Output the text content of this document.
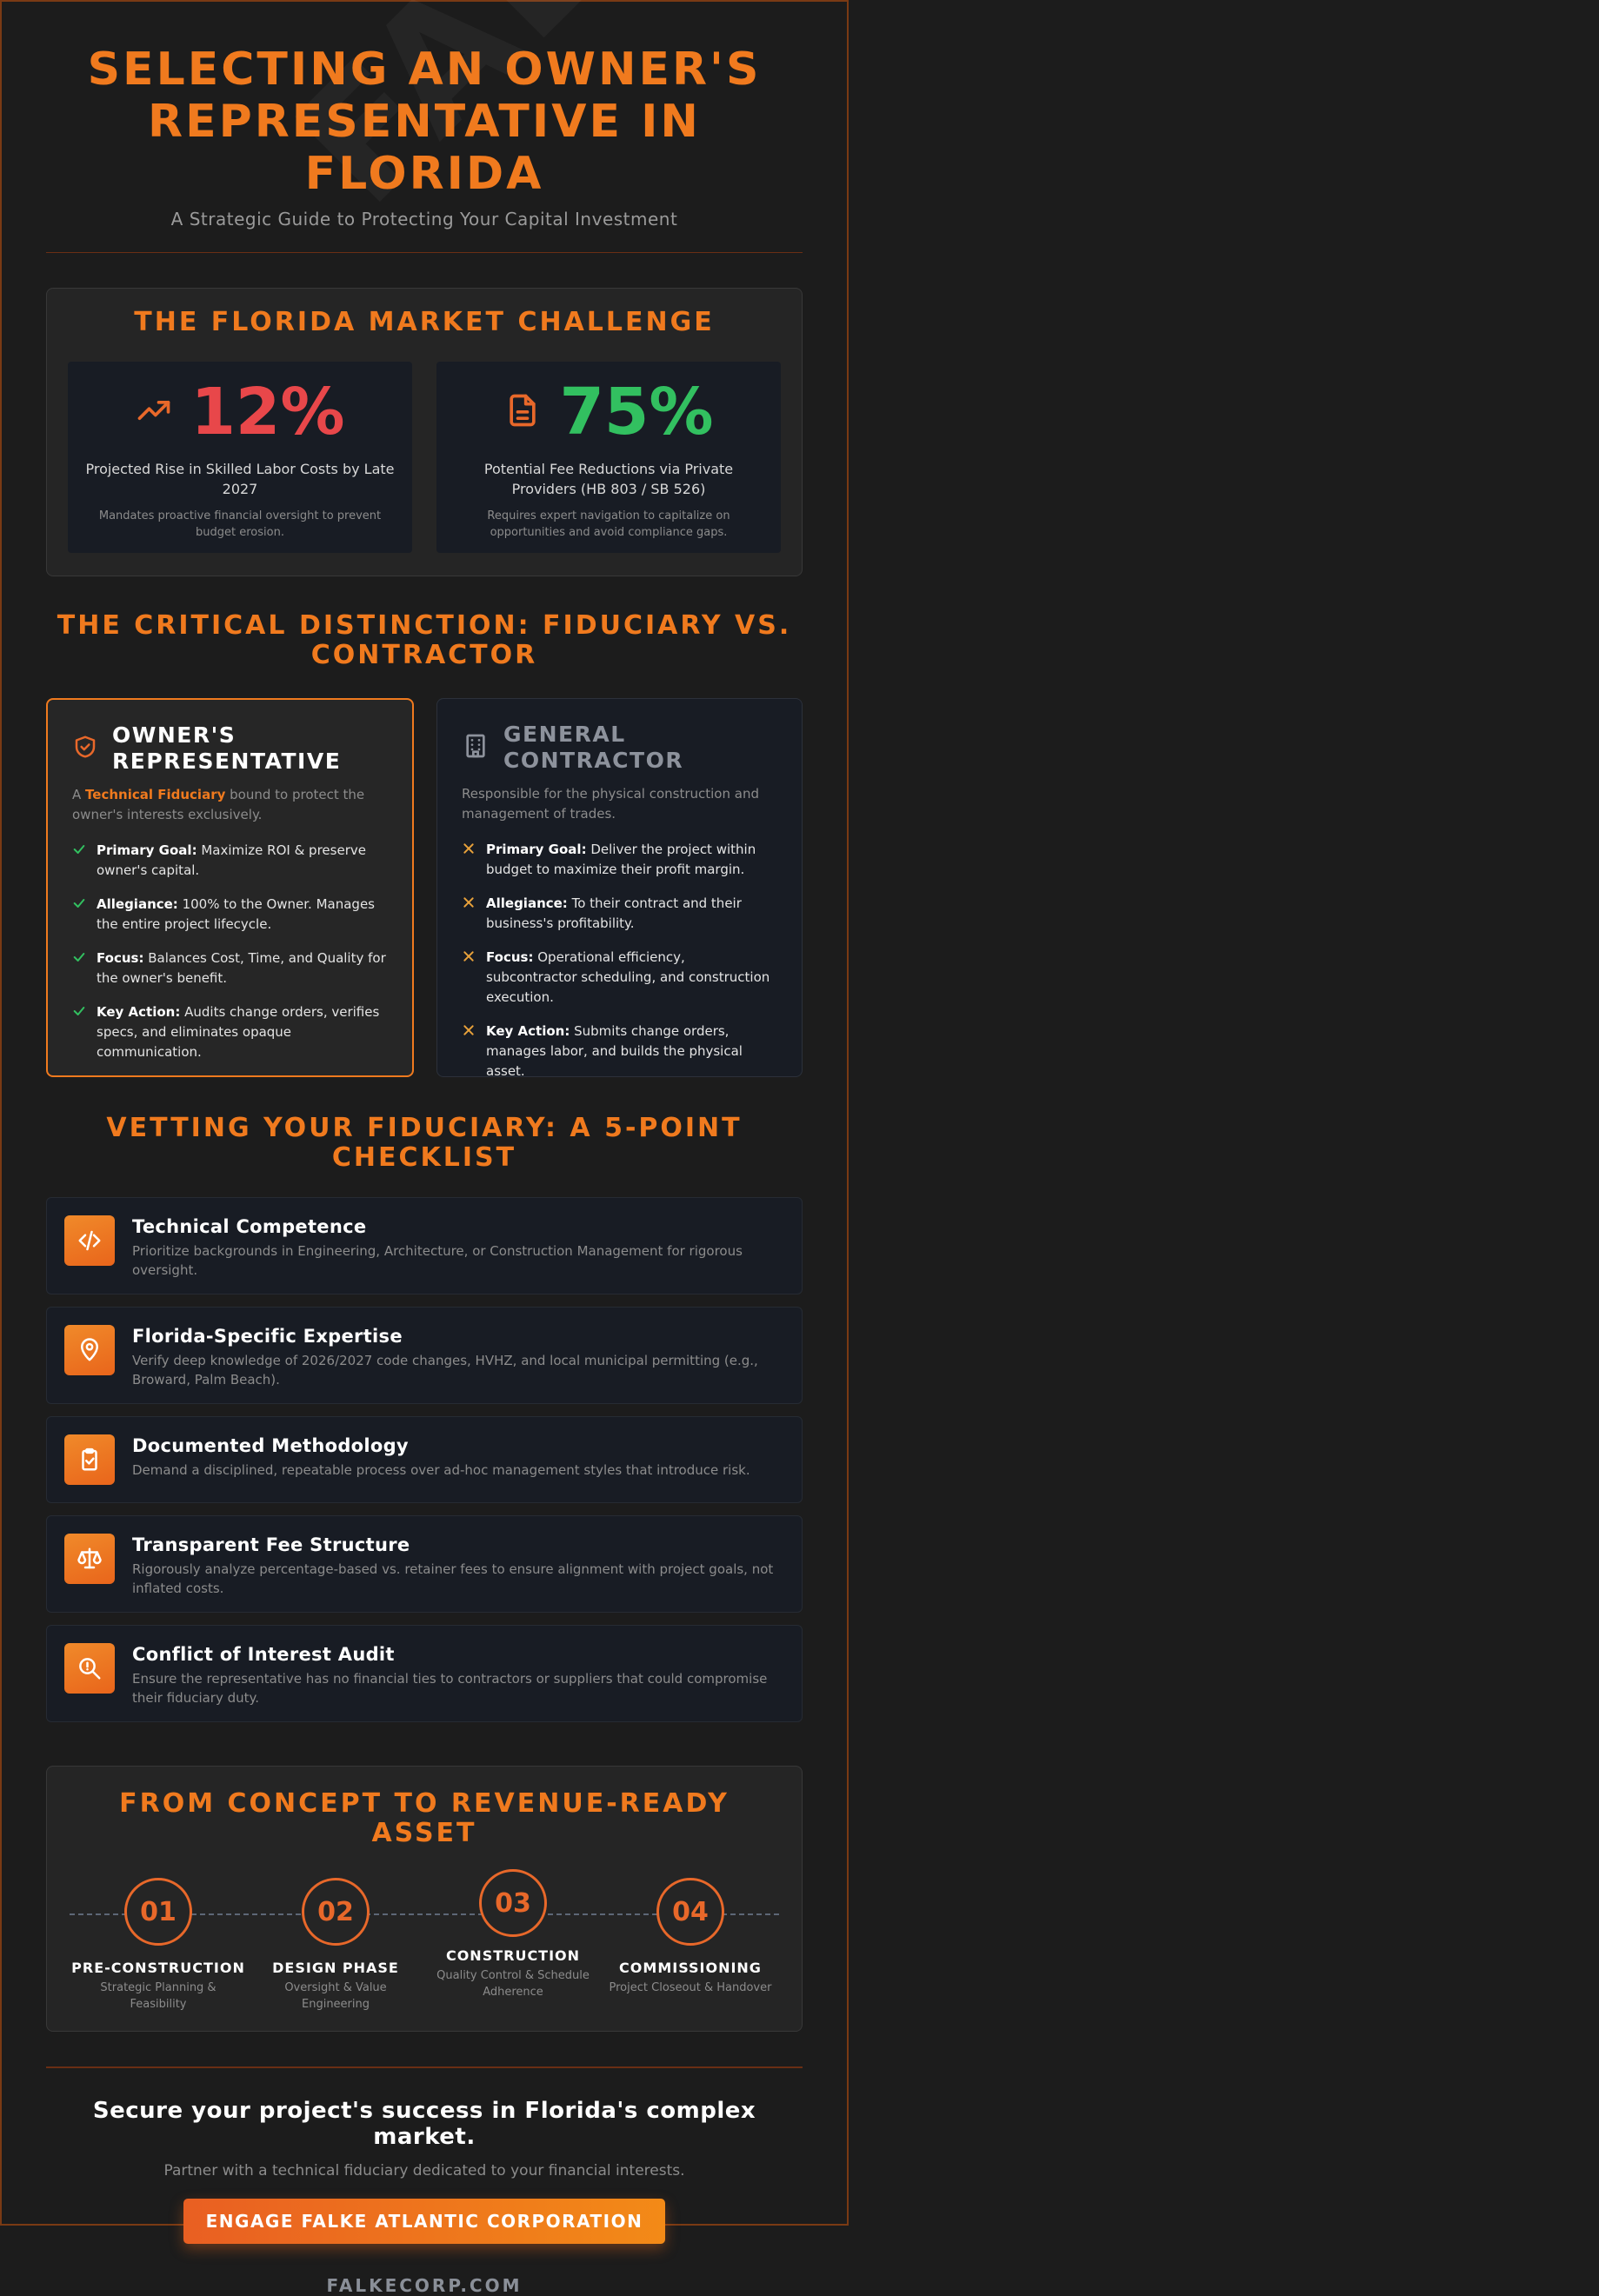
SELECTING AN OWNER'S REPRESENTATIVE IN FLORIDA

A Strategic Guide to Protecting Your Capital Investment

THE FLORIDA MARKET CHALLENGE
12%

Projected Rise in Skilled Labor Costs by Late 2027

Mandates proactive financial oversight to prevent budget erosion.

75%

Potential Fee Reductions via Private Providers (HB 803 / SB 526)

Requires expert navigation to capitalize on opportunities and avoid compliance gaps.

THE CRITICAL DISTINCTION: FIDUCIARY VS. CONTRACTOR
OWNER'S REPRESENTATIVE

A Technical Fiduciary bound to protect the owner's interests exclusively.

Primary Goal: Maximize ROI & preserve owner's capital.
Allegiance: 100% to the Owner. Manages the entire project lifecycle.
Focus: Balances Cost, Time, and Quality for the owner's benefit.
Key Action: Audits change orders, verifies specs, and eliminates opaque communication.
GENERAL CONTRACTOR

Responsible for the physical construction and management of trades.

Primary Goal: Deliver the project within budget to maximize their profit margin.
Allegiance: To their contract and their business's profitability.
Focus: Operational efficiency, subcontractor scheduling, and construction execution.
Key Action: Submits change orders, manages labor, and builds the physical asset.
VETTING YOUR FIDUCIARY: A 5-POINT CHECKLIST
Technical Competence

Prioritize backgrounds in Engineering, Architecture, or Construction Management for rigorous oversight.

Florida-Specific Expertise

Verify deep knowledge of 2026/2027 code changes, HVHZ, and local municipal permitting (e.g., Broward, Palm Beach).

Documented Methodology

Demand a disciplined, repeatable process over ad-hoc management styles that introduce risk.

Transparent Fee Structure

Rigorously analyze percentage-based vs. retainer fees to ensure alignment with project goals, not inflated costs.

Conflict of Interest Audit

Ensure the representative has no financial ties to contractors or suppliers that could compromise their fiduciary duty.

FROM CONCEPT TO REVENUE-READY ASSET
01
PRE-CONSTRUCTION
Strategic Planning & Feasibility
02
DESIGN PHASE
Oversight & Value Engineering
03
CONSTRUCTION
Quality Control & Schedule Adherence
04
COMMISSIONING
Project Closeout & Handover
Secure your project's success in Florida's complex market.

Partner with a technical fiduciary dedicated to your financial interests.

ENGAGE FALKE ATLANTIC CORPORATION

FALKECORP.COM
